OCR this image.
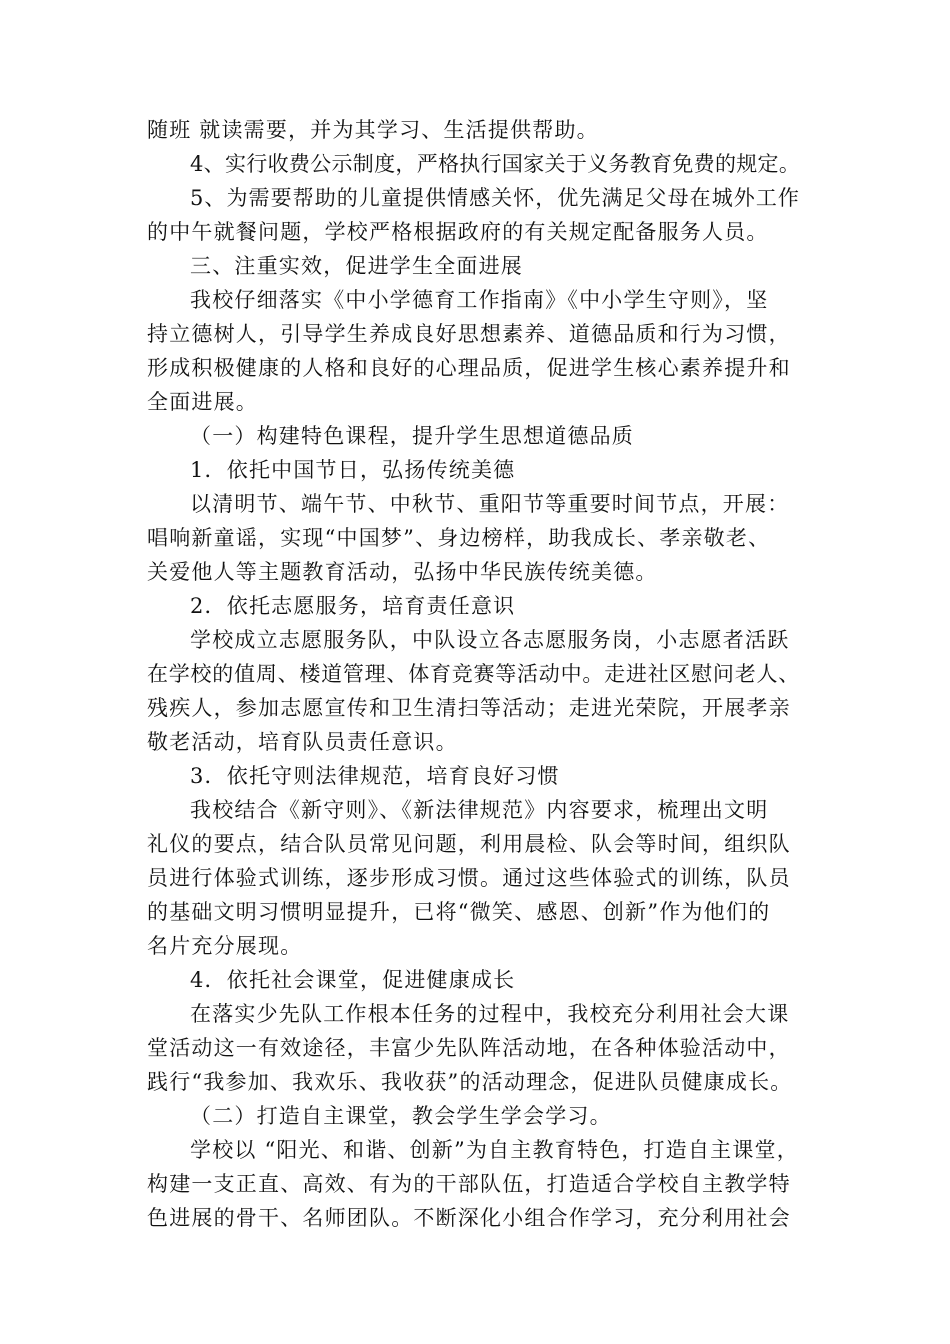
随班 就读需要，并为其学习、生活提供帮助。
4、实行收费公示制度，严格执行国家关于义务教育免费的规定。
5、为需要帮助的儿童提供情感关怀，优先满足父母在城外工作
的中午就餐问题，学校严格根据政府的有关规定配备服务人员。
三、注重实效，促进学生全面进展
我校仔细落实《中小学德育工作指南》《中小学生守则》，坚
持立德树人，引导学生养成良好思想素养、道德品质和行为习惯，
形成积极健康的人格和良好的心理品质，促进学生核心素养提升和
全面进展。
（一）构建特色课程，提升学生思想道德品质
1．依托中国节日，弘扬传统美德
以清明节、端午节、中秋节、重阳节等重要时间节点，开展：
唱响新童谣，实现“中国梦”、身边榜样，助我成长、孝亲敬老、
关爱他人等主题教育活动，弘扬中华民族传统美德。
2．依托志愿服务，培育责任意识
学校成立志愿服务队，中队设立各志愿服务岗，小志愿者活跃
在学校的值周、楼道管理、体育竞赛等活动中。走进社区慰问老人、
残疾人，参加志愿宣传和卫生清扫等活动；走进光荣院，开展孝亲
敬老活动，培育队员责任意识。
3．依托守则法律规范，培育良好习惯
我校结合《新守则》、《新法律规范》内容要求，梳理出文明
礼仪的要点，结合队员常见问题，利用晨检、队会等时间，组织队
员进行体验式训练，逐步形成习惯。通过这些体验式的训练，队员
的基础文明习惯明显提升，已将“微笑、感恩、创新”作为他们的
名片充分展现。
4．依托社会课堂，促进健康成长
在落实少先队工作根本任务的过程中，我校充分利用社会大课
堂活动这一有效途径，丰富少先队阵活动地，在各种体验活动中，
践行“我参加、我欢乐、我收获”的活动理念，促进队员健康成长。
（二）打造自主课堂，教会学生学会学习。
学校以 “阳光、和谐、创新”为自主教育特色，打造自主课堂，
构建一支正直、高效、有为的干部队伍，打造适合学校自主教学特
色进展的骨干、名师团队。不断深化小组合作学习，充分利用社会
